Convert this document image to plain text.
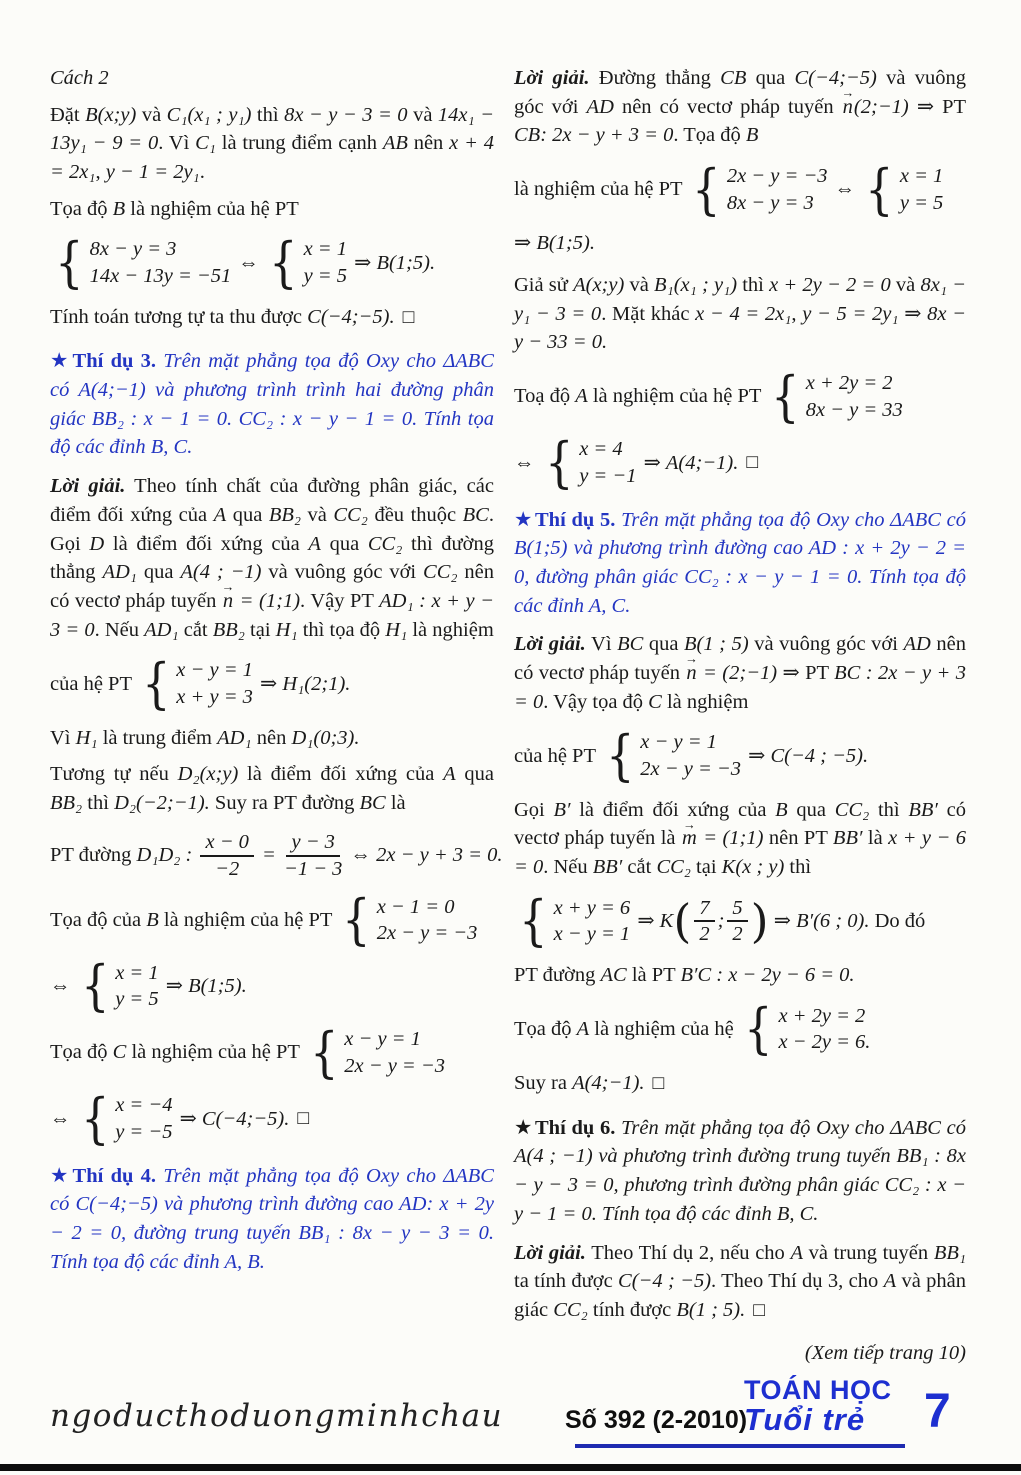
Cách 2
Đặt B(x;y) và C₁(x₁ ; y₁) thì 8x − y − 3 = 0 và 14x₁ − 13y₁ − 9 = 0. Vì C₁ là trung điểm cạnh AB nên x + 4 = 2x₁, y − 1 = 2y₁.
Tọa độ B là nghiệm của hệ PT
{ 8x − y = 3
14x − 13y = −51
⇔ { x = 1
y = 5
⇒ B(1;5).
Tính toán tương tự ta thu được C(−4;−5). □
★Thí dụ 3. Trên mặt phẳng tọa độ Oxy cho ΔABC có A(4;−1) và phương trình trình hai đường phân giác BB₂ : x − 1 = 0. CC₂ : x − y − 1 = 0. Tính tọa độ các đỉnh B, C.
Lời giải. Theo tính chất của đường phân giác, các điểm đối xứng của A qua BB₂ và CC₂ đều thuộc BC. Gọi D là điểm đối xứng của A qua CC₂ thì đường thẳng AD₁ qua A(4 ; −1) và vuông góc với CC₂ nên có vectơ pháp tuyến
→
n = (1;1). Vậy PT AD₁ : x + y − 3 = 0. Nếu AD₁ cắt BB₂ tại H₁ thì tọa độ H₁ là nghiệm
của hệ PT { x − y = 1
x + y = 3
⇒ H₁(2;1).
Vì H₁ là trung điểm AD₁ nên D₁(0;3).
Tương tự nếu D₂(x;y) là điểm đối xứng của A qua BB₂ thì D₂(−2;−1). Suy ra PT đường BC là
PT đường D₁D₂ : $\frac{x - 0}{-2} = \frac{y - 3}{-1 - 3}$ ⇔ 2x − y + 3 = 0.
Tọa độ của B là nghiệm của hệ PT { x − 1 = 0
2x − y = −3
⇔ { x = 1
y = 5
⇒ B(1;5).
Tọa độ C là nghiệm của hệ PT { x − y = 1
2x − y = −3
⇔ { x = −4
y = −5
⇒ C(−4;−5). □
★Thí dụ 4. Trên mặt phẳng tọa độ Oxy cho ΔABC có C(−4;−5) và phương trình đường cao AD: x + 2y − 2 = 0, đường trung tuyến BB₁ : 8x − y − 3 = 0. Tính tọa độ các đỉnh A, B.
Lời giải. Đường thẳng CB qua C(−4;−5) và vuông góc với AD nên có vectơ pháp tuyến
→
n(2;−1) ⇒ PT CB: 2x − y + 3 = 0. Tọa độ B
là nghiệm của hệ PT { 2x − y = −3
8x − y = 3
⇔ { x = 1
y = 5
⇒ B(1;5).
Giả sử A(x;y) và B₁(x₁ ; y₁) thì x + 2y − 2 = 0 và 8x₁ − y₁ − 3 = 0. Mặt khác x − 4 = 2x₁, y − 5 = 2y₁ ⇒ 8x − y − 33 = 0.
Toạ độ A là nghiệm của hệ PT { x + 2y = 2
8x − y = 33
⇔ { x = 4
y = −1
⇒ A(4;−1). □
★Thí dụ 5. Trên mặt phẳng tọa độ Oxy cho ΔABC có B(1;5) và phương trình đường cao AD : x + 2y − 2 = 0, đường phân giác CC₂ : x − y − 1 = 0. Tính tọa độ các đỉnh A, C.
Lời giải. Vì BC qua B(1 ; 5) và vuông góc với AD nên có vectơ pháp tuyến
→
n = (2;−1) ⇒ PT BC : 2x − y + 3 = 0. Vậy tọa độ C là nghiệm
của hệ PT { x − y = 1
2x − y = −3
⇒ C(−4 ; −5).
Gọi B′ là điểm đối xứng của B qua CC₂ thì BB′ có vectơ pháp tuyến là
→
m = (1;1) nên PT BB′ là x + y − 6 = 0. Nếu BB′ cắt CC₂ tại K(x ; y) thì
{ x + y = 6
x − y = 1
⇒ K ( $\frac{7}{2}$ ; $\frac{5}{2}$ ) ⇒ B′(6 ; 0). Do đó
PT đường AC là PT B′C : x − 2y − 6 = 0.
Tọa độ A là nghiệm của hệ { x + 2y = 2
x − 2y = 6.
Suy ra A(4;−1). □
★Thí dụ 6. Trên mặt phẳng tọa độ Oxy cho ΔABC có A(4 ; −1) và phương trình đường trung tuyến BB₁ : 8x − y − 3 = 0, phương trình đường phân giác CC₂ : x − y − 1 = 0. Tính tọa độ các đỉnh B, C.
Lời giải. Theo Thí dụ 2, nếu cho A và trung tuyến BB₁ ta tính được C(−4 ; −5). Theo Thí dụ 3, cho A và phân giác CC₂ tính được B(1 ; 5). □
(Xem tiếp trang 10)
ngoducthoduongminhchau Số 392 (2-2010)
TOÁN HỌC
Tuổi trẻ	7
